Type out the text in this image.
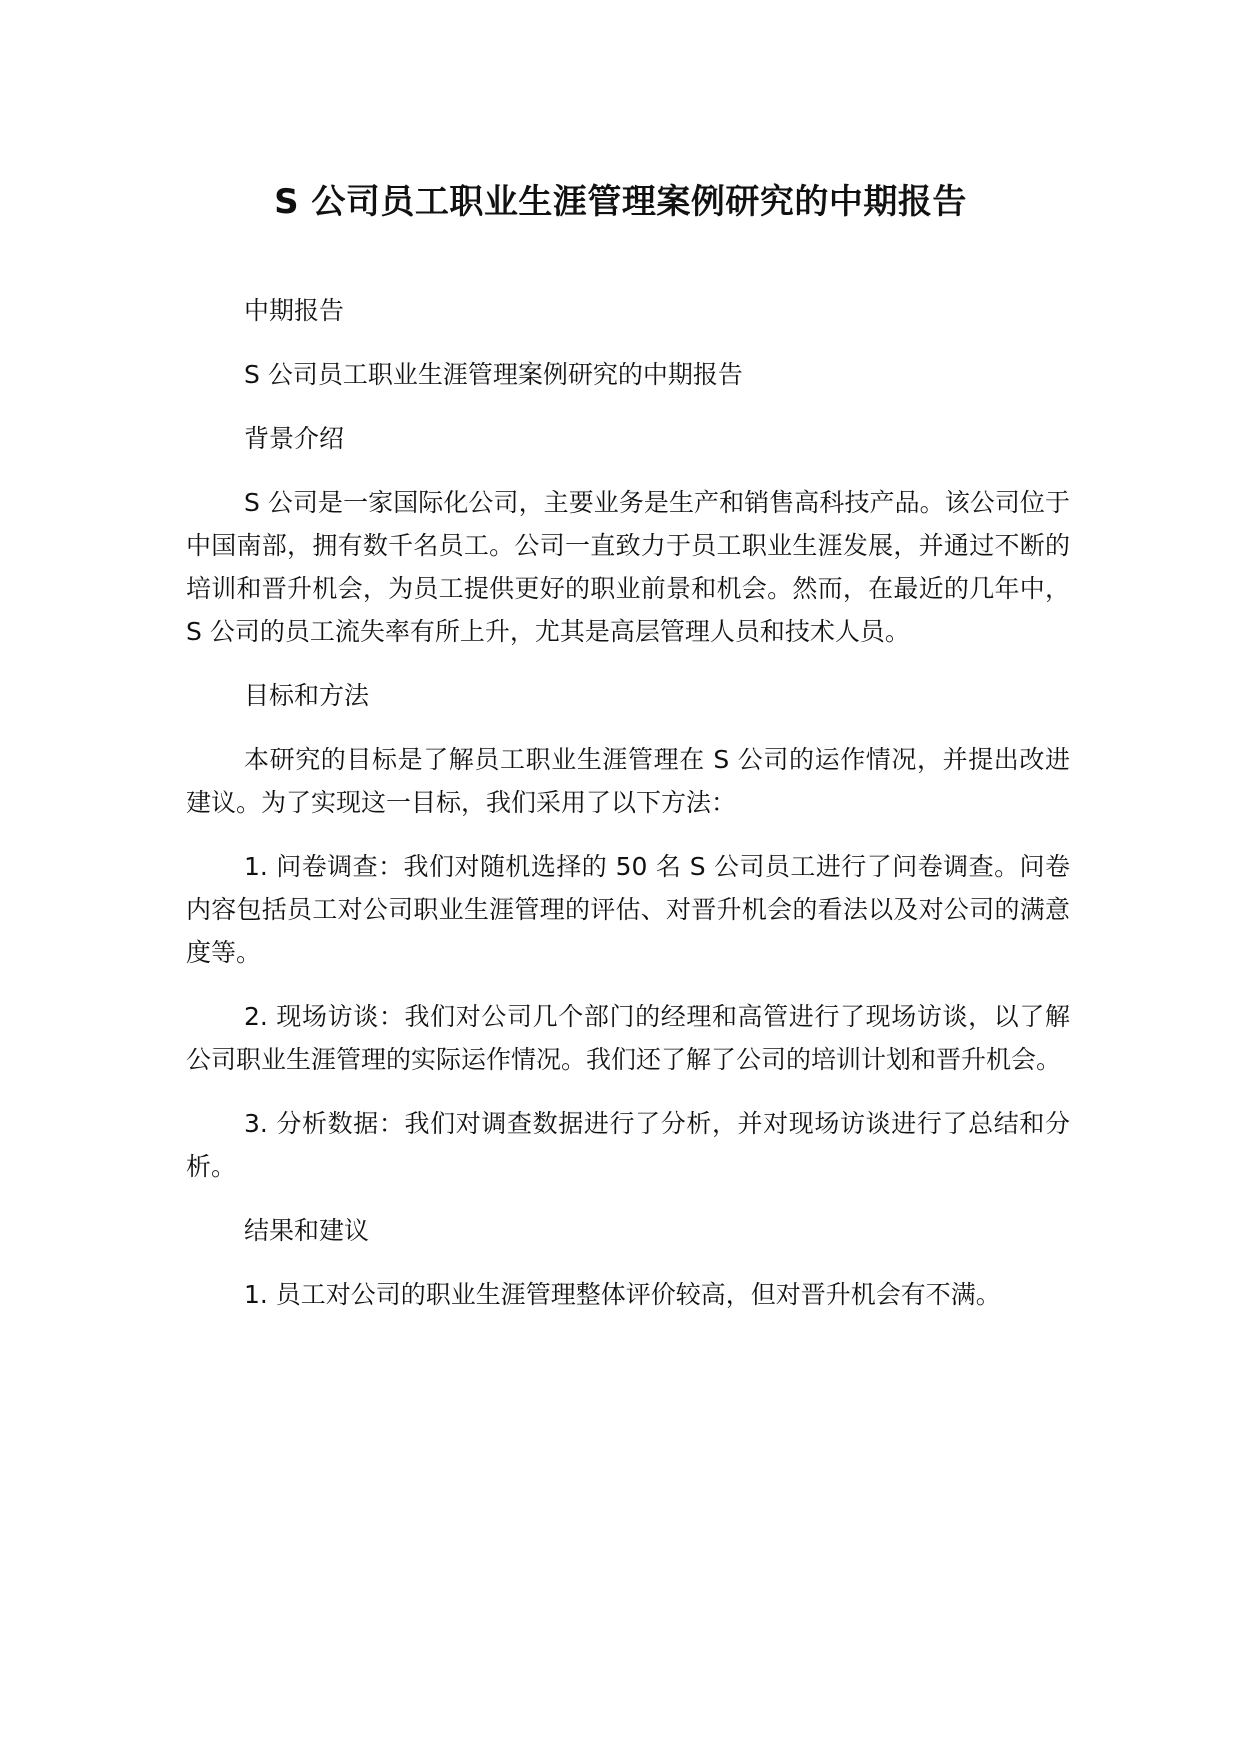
S 公司员工职业生涯管理案例研究的中期报告

中期报告

S 公司员工职业生涯管理案例研究的中期报告

背景介绍

S 公司是一家国际化公司，主要业务是生产和销售高科技产品。该公司位于中国南部，拥有数千名员工。公司一直致力于员工职业生涯发展，并通过不断的培训和晋升机会，为员工提供更好的职业前景和机会。然而，在最近的几年中，S 公司的员工流失率有所上升，尤其是高层管理人员和技术人员。

目标和方法

本研究的目标是了解员工职业生涯管理在 S 公司的运作情况，并提出改进建议。为了实现这一目标，我们采用了以下方法：

1. 问卷调查：我们对随机选择的 50 名 S 公司员工进行了问卷调查。问卷内容包括员工对公司职业生涯管理的评估、对晋升机会的看法以及对公司的满意度等。

2. 现场访谈：我们对公司几个部门的经理和高管进行了现场访谈，以了解公司职业生涯管理的实际运作情况。我们还了解了公司的培训计划和晋升机会。

3. 分析数据：我们对调查数据进行了分析，并对现场访谈进行了总结和分析。

结果和建议

1. 员工对公司的职业生涯管理整体评价较高，但对晋升机会有不满。
